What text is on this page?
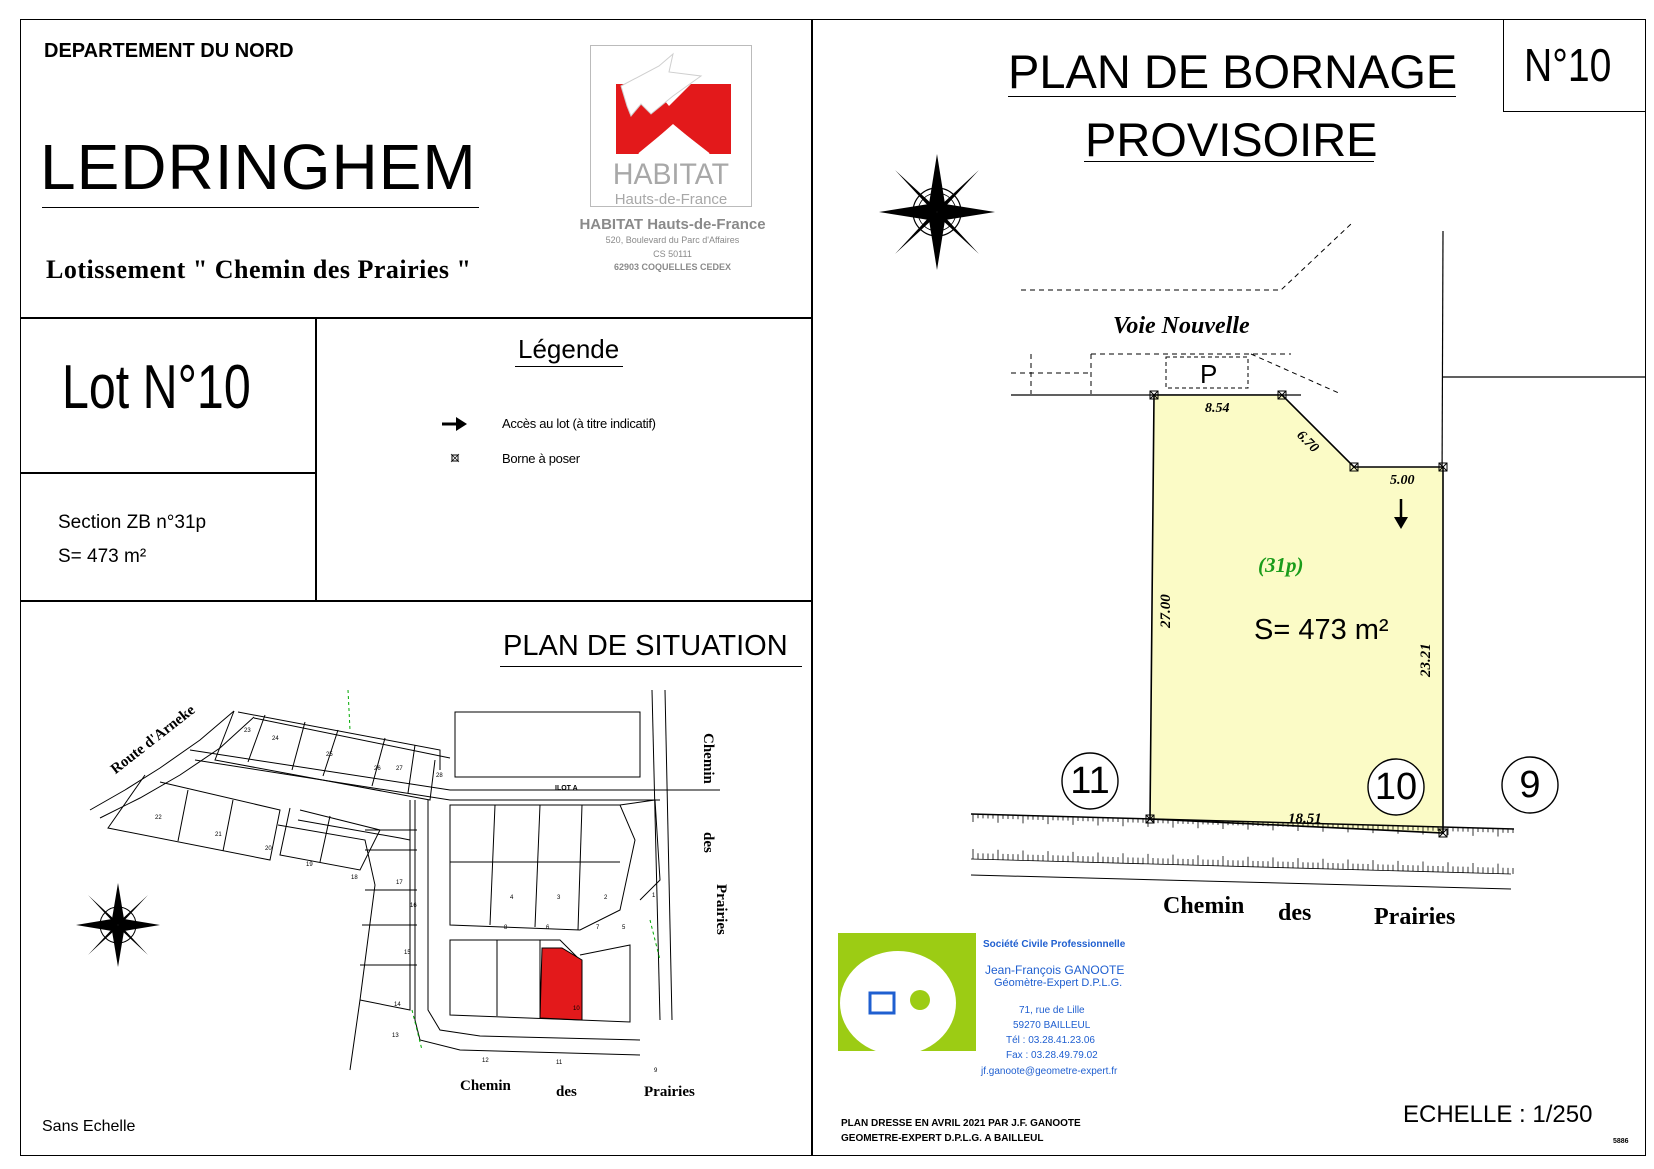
DEPARTEMENT DU NORD
LEDRINGHEM
Lotissement " Chemin des Prairies "
HABITAT
Hauts-de-France
HABITAT Hauts-de-France
520, Boulevard du Parc d'Affaires
CS 50111
62903 COQUELLES CEDEX
Lot N°10
Section ZB n°31p
S= 473 m²
Légende
Accès au lot (à titre indicatif)
Borne à poser
PLAN DE SITUATION
Sans Echelle
Route d'Arneke	Chemin
des
Prairies
Chemin	des	Prairies
ILOT A
23
24
25
26	27
28
22
21
20
19
18
17
16
15
14
13
12	11
10
9
8	7
6	5
4	3	2	1
PLAN DE BORNAGE
PROVISOIRE
N°10
Voie Nouvelle
P
8.54
6.70
5.00
27.00
23.21
18.51
(31p)
S= 473 m²
11	10	9
Chemin des	Prairies
Société Civile Professionnelle
Jean-François GANOOTE
Géomètre-Expert D.P.L.G.
71, rue de Lille
59270 BAILLEUL
Tél : 03.28.41.23.06
Fax : 03.28.49.79.02
jf.ganoote@geometre-expert.fr
ECHELLE : 1/250
PLAN DRESSE EN AVRIL 2021 PAR J.F. GANOOTE
GEOMETRE-EXPERT D.P.L.G. A BAILLEUL	5886
